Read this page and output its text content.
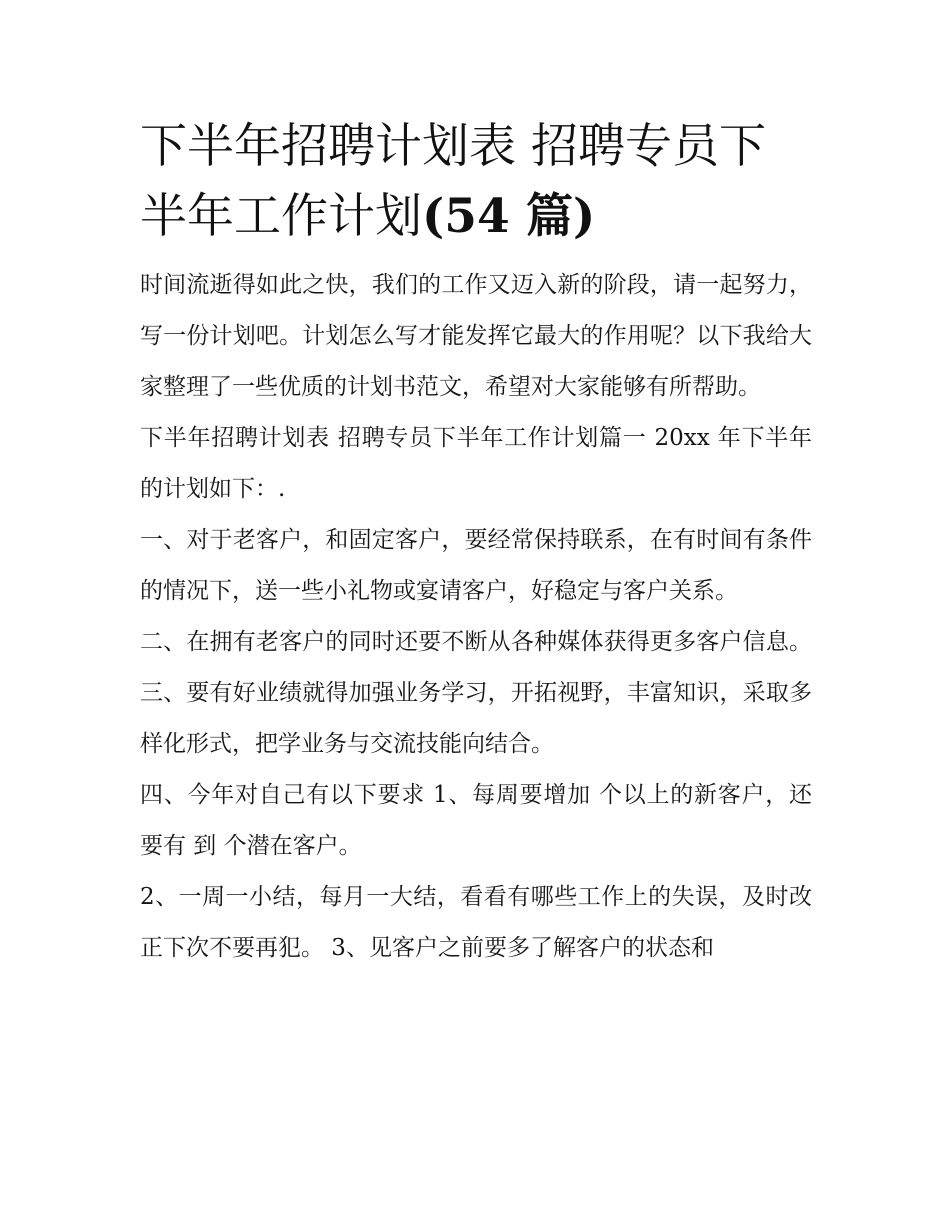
下半年招聘计划表 招聘专员下半年工作计划(54 篇)

时间流逝得如此之快，我们的工作又迈入新的阶段，请一起努力，写一份计划吧。计划怎么写才能发挥它最大的作用呢？以下我给大家整理了一些优质的计划书范文，希望对大家能够有所帮助。

下半年招聘计划表 招聘专员下半年工作计划篇一 20xx 年下半年的计划如下：.

一、对于老客户，和固定客户，要经常保持联系，在有时间有条件的情况下，送一些小礼物或宴请客户，好稳定与客户关系。

二、在拥有老客户的同时还要不断从各种媒体获得更多客户信息。 三、要有好业绩就得加强业务学习，开拓视野，丰富知识，采取多样化形式，把学业务与交流技能向结合。

四、今年对自己有以下要求 1、每周要增加 个以上的新客户，还要有 到 个潜在客户。

2、一周一小结，每月一大结，看看有哪些工作上的失误，及时改正下次不要再犯。 3、见客户之前要多了解客户的状态和
